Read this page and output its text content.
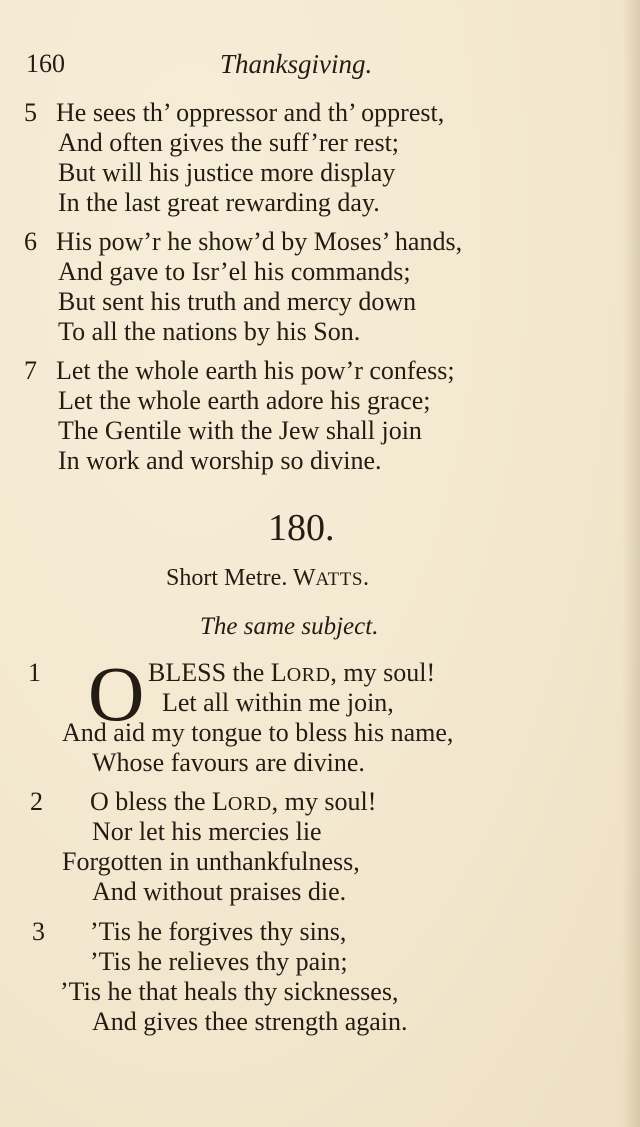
160	Thanksgiving.
5 He sees th’ oppressor and th’ opprest,
And often gives the suff’rer rest;
But will his justice more display
In the last great rewarding day.
6 His pow’r he show’d by Moses’ hands,
And gave to Isr’el his commands;
But sent his truth and mercy down
To all the nations by his Son.
7 Let the whole earth his pow’r confess;
Let the whole earth adore his grace;
The Gentile with the Jew shall join
In work and worship so divine.
180.
Short Metre. WATTS.
The same subject.
1 O BLESS the LORD, my soul!
Let all within me join,
And aid my tongue to bless his name,
Whose favours are divine.
2 O bless the LORD, my soul!
Nor let his mercies lie
Forgotten in unthankfulness,
And without praises die.
3 ’Tis he forgives thy sins,
’Tis he relieves thy pain;
’Tis he that heals thy sicknesses,
And gives thee strength again.
